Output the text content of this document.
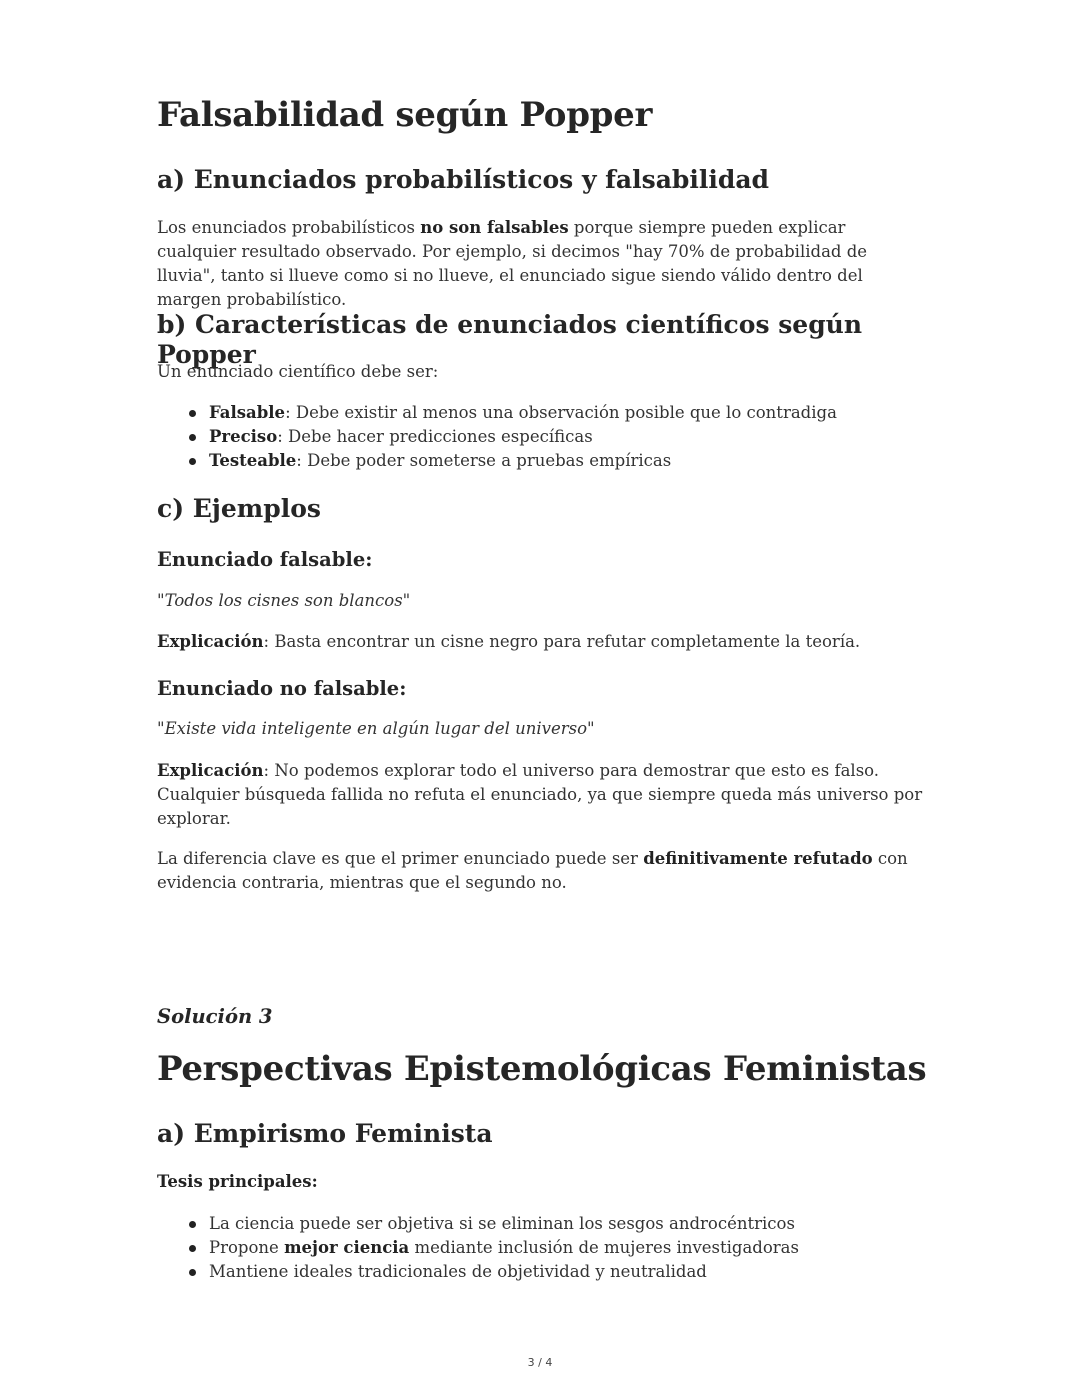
Falsabilidad según Popper
a) Enunciados probabilísticos y falsabilidad

Los enunciados probabilísticos no son falsables porque siempre pueden explicar cualquier resultado observado. Por ejemplo, si decimos "hay 70% de probabilidad de lluvia", tanto si llueve como si no llueve, el enunciado sigue siendo válido dentro del margen probabilístico.

b) Características de enunciados científicos según Popper

Un enunciado científico debe ser:

Falsable: Debe existir al menos una observación posible que lo contradiga
Preciso: Debe hacer predicciones específicas
Testeable: Debe poder someterse a pruebas empíricas
c) Ejemplos
Enunciado falsable:

"Todos los cisnes son blancos"

Explicación: Basta encontrar un cisne negro para refutar completamente la teoría.

Enunciado no falsable:

"Existe vida inteligente en algún lugar del universo"

Explicación: No podemos explorar todo el universo para demostrar que esto es falso. Cualquier búsqueda fallida no refuta el enunciado, ya que siempre queda más universo por explorar.

La diferencia clave es que el primer enunciado puede ser definitivamente refutado con evidencia contraria, mientras que el segundo no.

Solución 3

Perspectivas Epistemológicas Feministas
a) Empirismo Feminista

Tesis principales:

La ciencia puede ser objetiva si se eliminan los sesgos androcéntricos
Propone mejor ciencia mediante inclusión de mujeres investigadoras
Mantiene ideales tradicionales de objetividad y neutralidad
3 / 4
